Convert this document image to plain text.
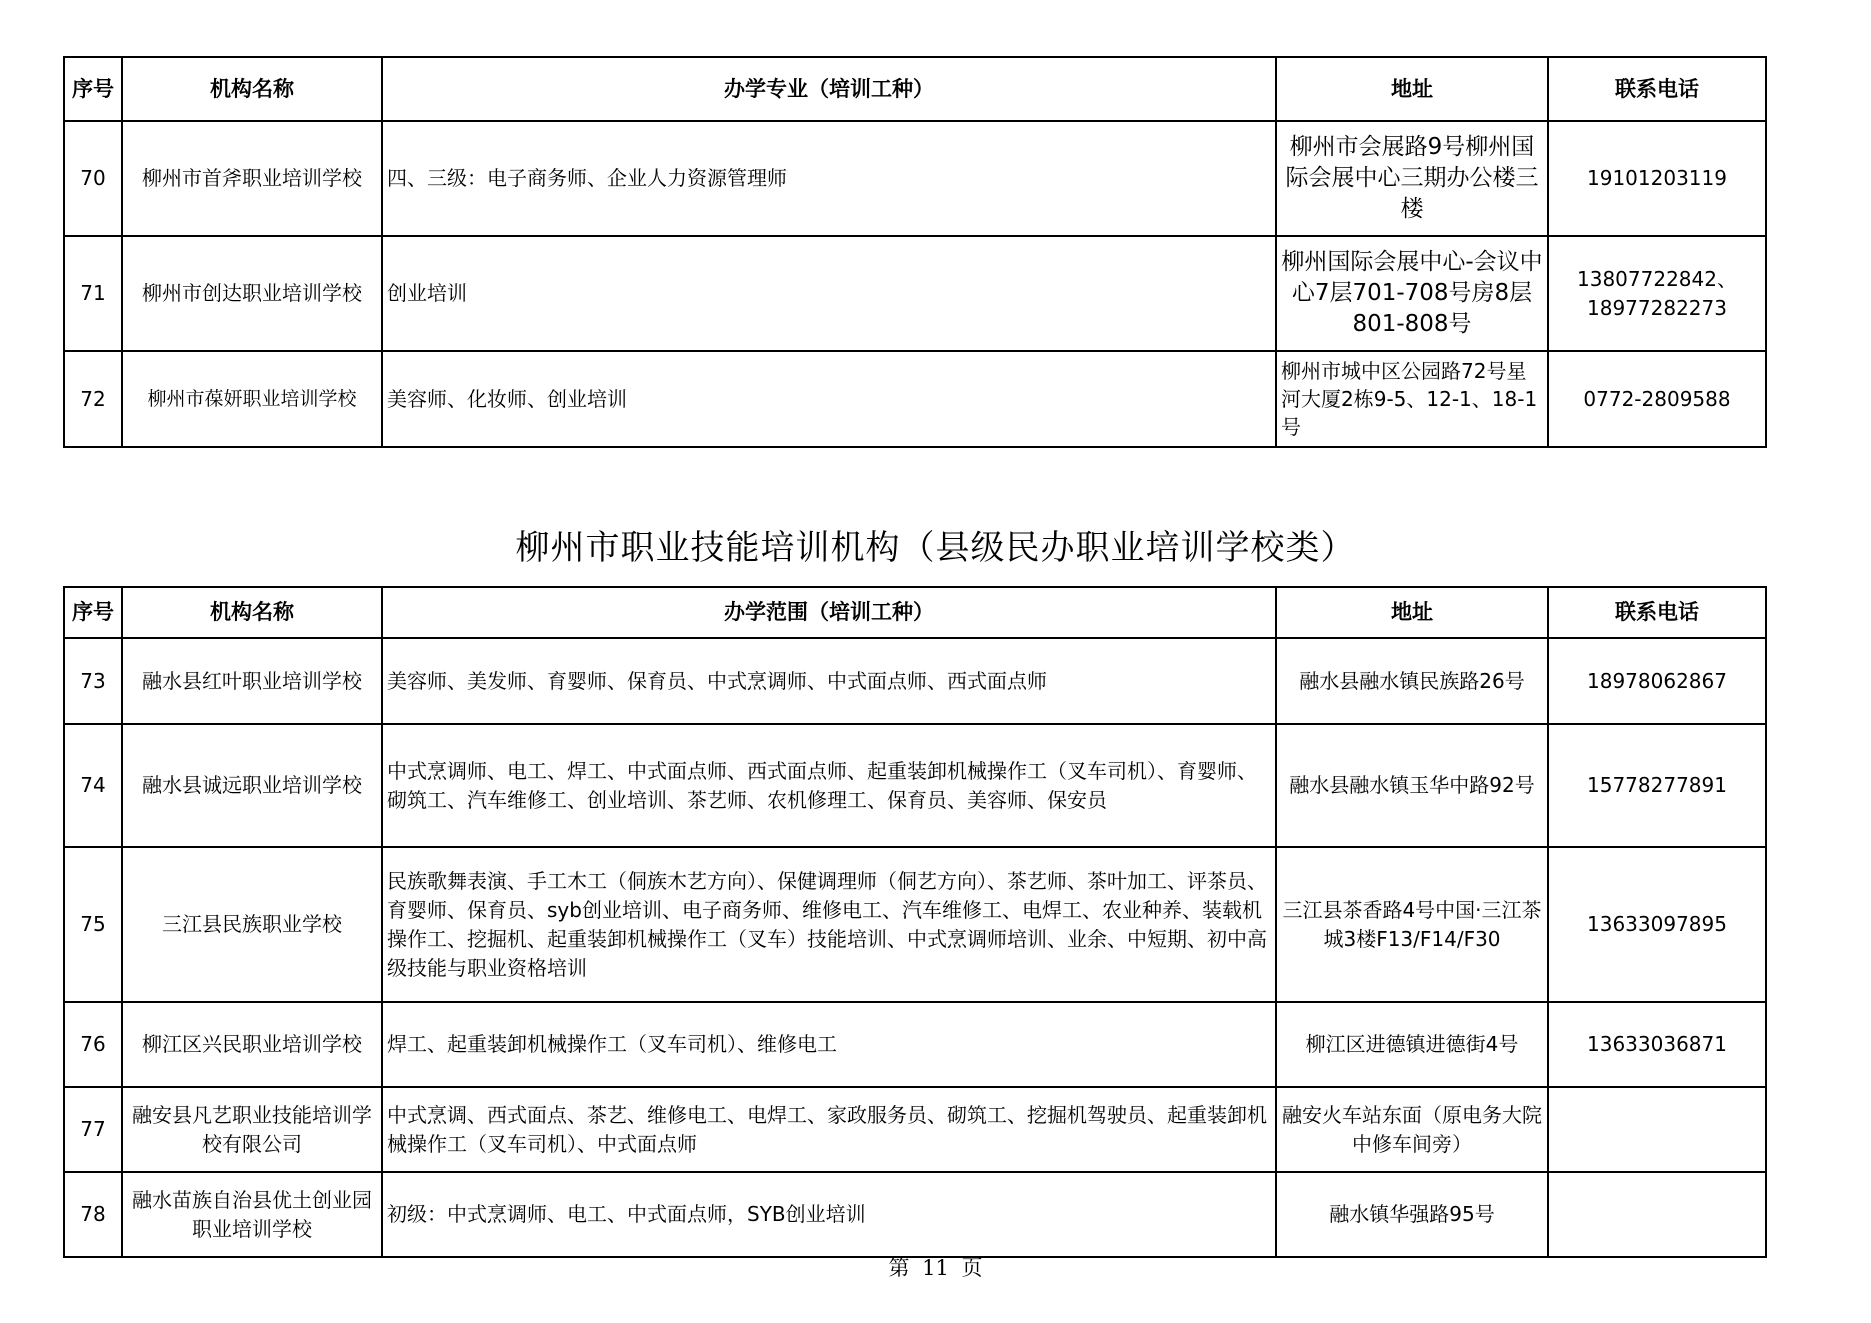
序号	机构名称	办学专业（培训工种）	地址	联系电话
70	柳州市首斧职业培训学校	四、三级：电子商务师、企业人力资源管理师	柳州市会展路9号柳州国际会展中心三期办公楼三楼	19101203119
71	柳州市创达职业培训学校	创业培训	柳州国际会展中心-会议中心7层701-708号房8层801-808号	13807722842、18977282273
72	柳州市葆妍职业培训学校	美容师、化妆师、创业培训	柳州市城中区公园路72号星河大厦2栋9-5、12-1、18-1号	0772-2809588
柳州市职业技能培训机构（县级民办职业培训学校类）
序号	机构名称	办学范围（培训工种）	地址	联系电话
73	融水县红叶职业培训学校	美容师、美发师、育婴师、保育员、中式烹调师、中式面点师、西式面点师	融水县融水镇民族路26号	18978062867
74	融水县诚远职业培训学校	中式烹调师、电工、焊工、中式面点师、西式面点师、起重装卸机械操作工（叉车司机）、育婴师、砌筑工、汽车维修工、创业培训、茶艺师、农机修理工、保育员、美容师、保安员	融水县融水镇玉华中路92号	15778277891
75	三江县民族职业学校	民族歌舞表演、手工木工（侗族木艺方向）、保健调理师（侗艺方向）、茶艺师、茶叶加工、评茶员、育婴师、保育员、syb创业培训、电子商务师、维修电工、汽车维修工、电焊工、农业种养、装载机操作工、挖掘机、起重装卸机械操作工（叉车）技能培训、中式烹调师培训、业余、中短期、初中高级技能与职业资格培训	三江县茶香路4号中国·三江茶城3楼F13/F14/F30	13633097895
76	柳江区兴民职业培训学校	焊工、起重装卸机械操作工（叉车司机）、维修电工	柳江区进德镇进德街4号	13633036871
77	融安县凡艺职业技能培训学校有限公司	中式烹调、西式面点、茶艺、维修电工、电焊工、家政服务员、砌筑工、挖掘机驾驶员、起重装卸机械操作工（叉车司机）、中式面点师	融安火车站东面（原电务大院中修车间旁）	
78	融水苗族自治县优土创业园职业培训学校	初级：中式烹调师、电工、中式面点师，SYB创业培训	融水镇华强路95号	
第 11 页
